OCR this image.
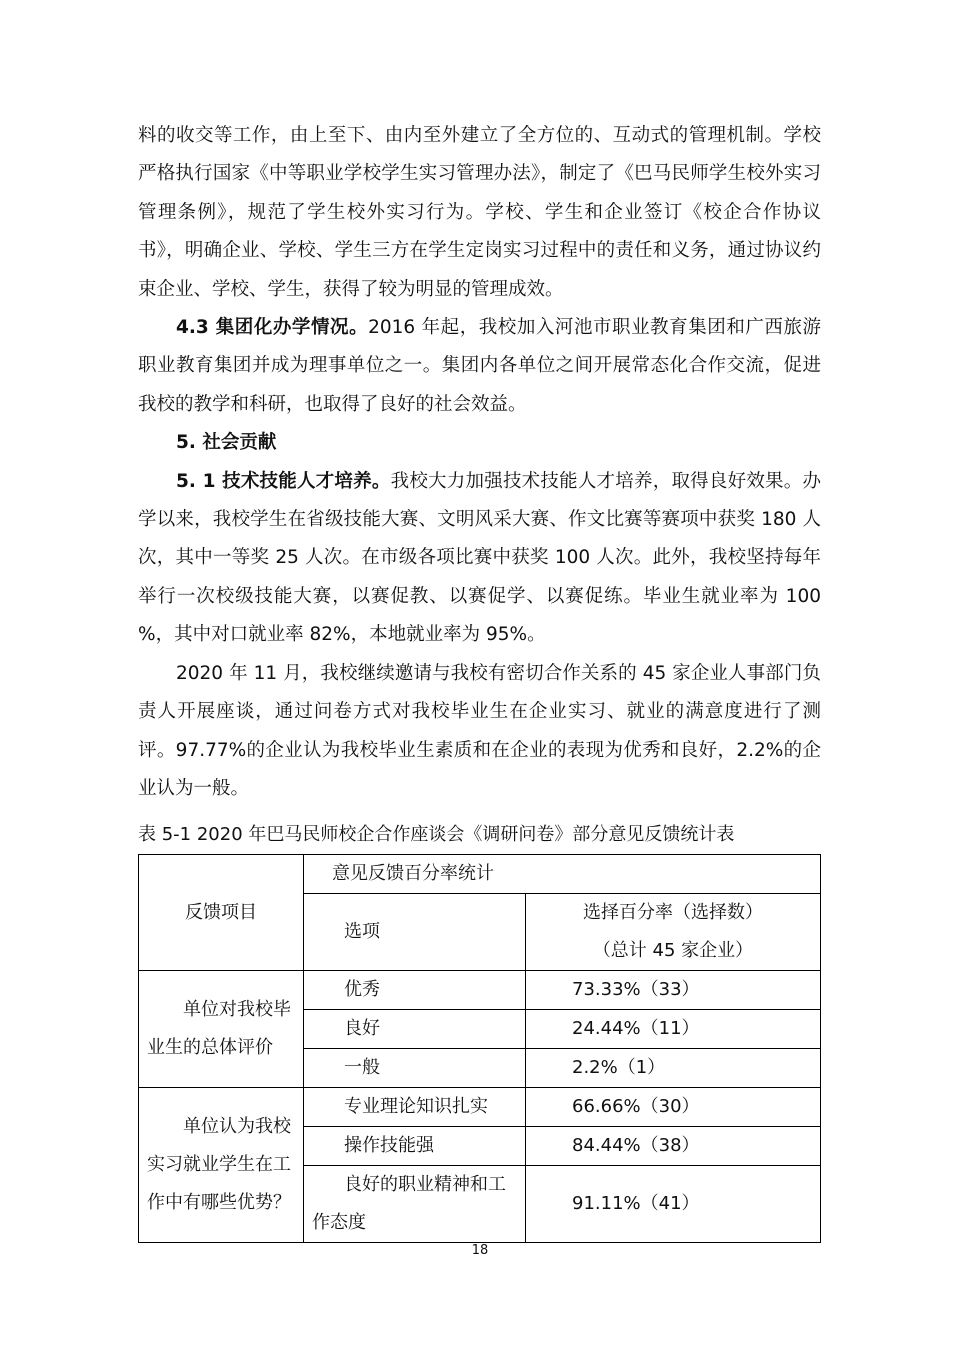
料的收交等工作，由上至下、由内至外建立了全方位的、互动式的管理机制。学校严格执行国家《中等职业学校学生实习管理办法》，制定了《巴马民师学生校外实习管理条例》，规范了学生校外实习行为。学校、学生和企业签订《校企合作协议书》，明确企业、学校、学生三方在学生定岗实习过程中的责任和义务，通过协议约束企业、学校、学生，获得了较为明显的管理成效。

4.3 集团化办学情况。2016 年起，我校加入河池市职业教育集团和广西旅游职业教育集团并成为理事单位之一。集团内各单位之间开展常态化合作交流，促进我校的教学和科研，也取得了良好的社会效益。

5. 社会贡献

5. 1 技术技能人才培养。我校大力加强技术技能人才培养，取得良好效果。办学以来，我校学生在省级技能大赛、文明风采大赛、作文比赛等赛项中获奖 180 人次，其中一等奖 25 人次。在市级各项比赛中获奖 100 人次。此外，我校坚持每年举行一次校级技能大赛，以赛促教、以赛促学、以赛促练。毕业生就业率为 100 %，其中对口就业率 82%，本地就业率为 95%。

2020 年 11 月，我校继续邀请与我校有密切合作关系的 45 家企业人事部门负责人开展座谈，通过问卷方式对我校毕业生在企业实习、就业的满意度进行了测评。97.77%的企业认为我校毕业生素质和在企业的表现为优秀和良好，2.2%的企业认为一般。

表 5-1 2020 年巴马民师校企合作座谈会《调研问卷》部分意见反馈统计表
反馈项目	意见反馈百分率统计	
	选项	选择百分率（选择数）
（总计 45 家企业）

单位对我校毕业生的总体评价	优秀	73.33%（33）
	良好	24.44%（11）
	一般	2.2%（1）
单位认为我校实习就业学生在工作中有哪些优势？	专业理论知识扎实	66.66%（30）
	操作技能强	84.44%（38）
	良好的职业精神和工作态度	91.11%（41）
18
